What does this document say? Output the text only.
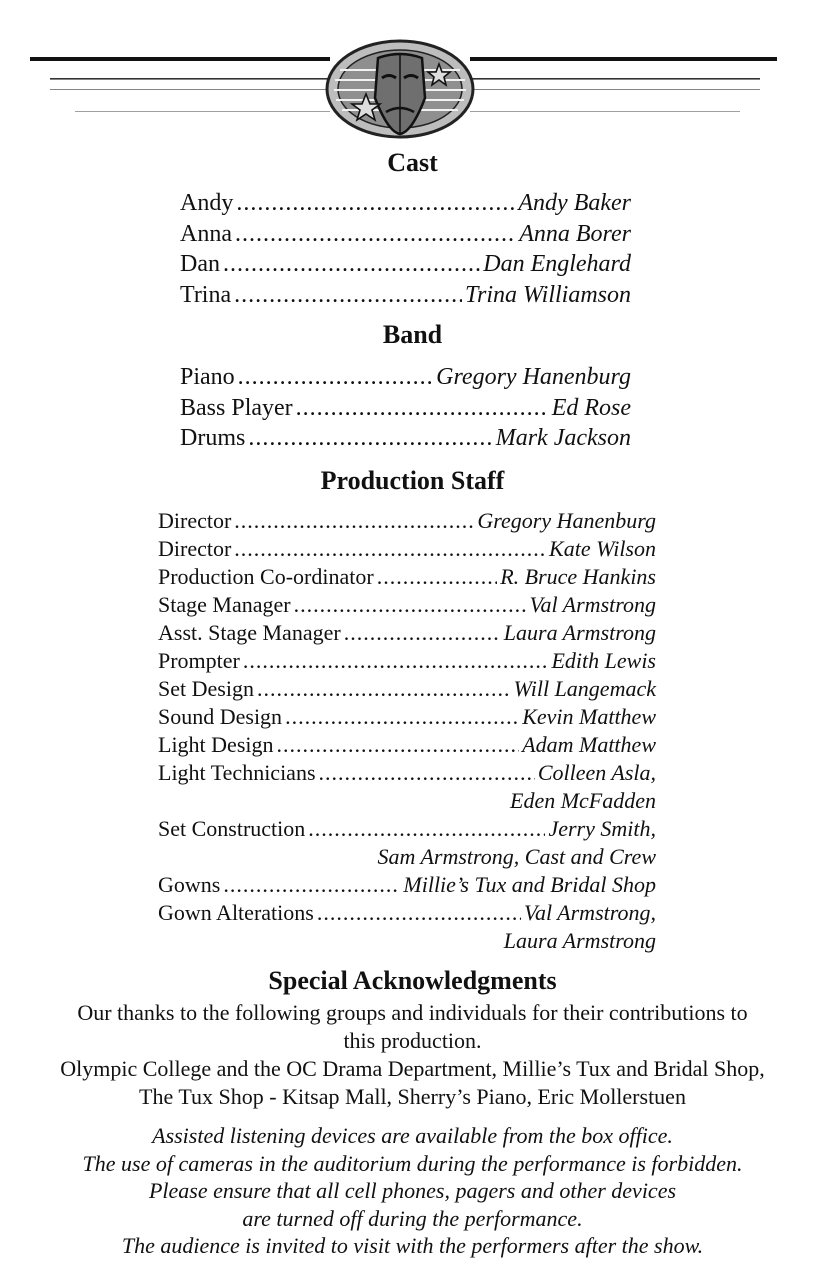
Cast
Andy .....	Andy Baker
Anna .....	Anna Borer
Dan .....	Dan Englehard
Trina .....	Trina Williamson
Band
Piano .....	Gregory Hanenburg
Bass Player .....	Ed Rose
Drums .....	Mark Jackson
Production Staff
Director .....	Gregory Hanenburg
Director .....	Kate Wilson
Production Co-ordinator .....	R. Bruce Hankins
Stage Manager .....	Val Armstrong
Asst. Stage Manager .....	Laura Armstrong
Prompter .....	Edith Lewis
Set Design .....	Will Langemack
Sound Design .....	Kevin Matthew
Light Design .....	Adam Matthew
Light Technicians .....	Colleen Asla,
Eden McFadden
Set Construction .....	Jerry Smith,
Sam Armstrong, Cast and Crew
Gowns .....	Millie’s Tux and Bridal Shop
Gown Alterations .....	Val Armstrong,
Laura Armstrong
Special Acknowledgments
Our thanks to the following groups and individuals for their contributions to
this production.
Olympic College and the OC Drama Department, Millie’s Tux and Bridal Shop,
The Tux Shop - Kitsap Mall, Sherry’s Piano, Eric Mollerstuen
Assisted listening devices are available from the box office.
The use of cameras in the auditorium during the performance is forbidden.
Please ensure that all cell phones, pagers and other devices
are turned off during the performance.
The audience is invited to visit with the performers after the show.
